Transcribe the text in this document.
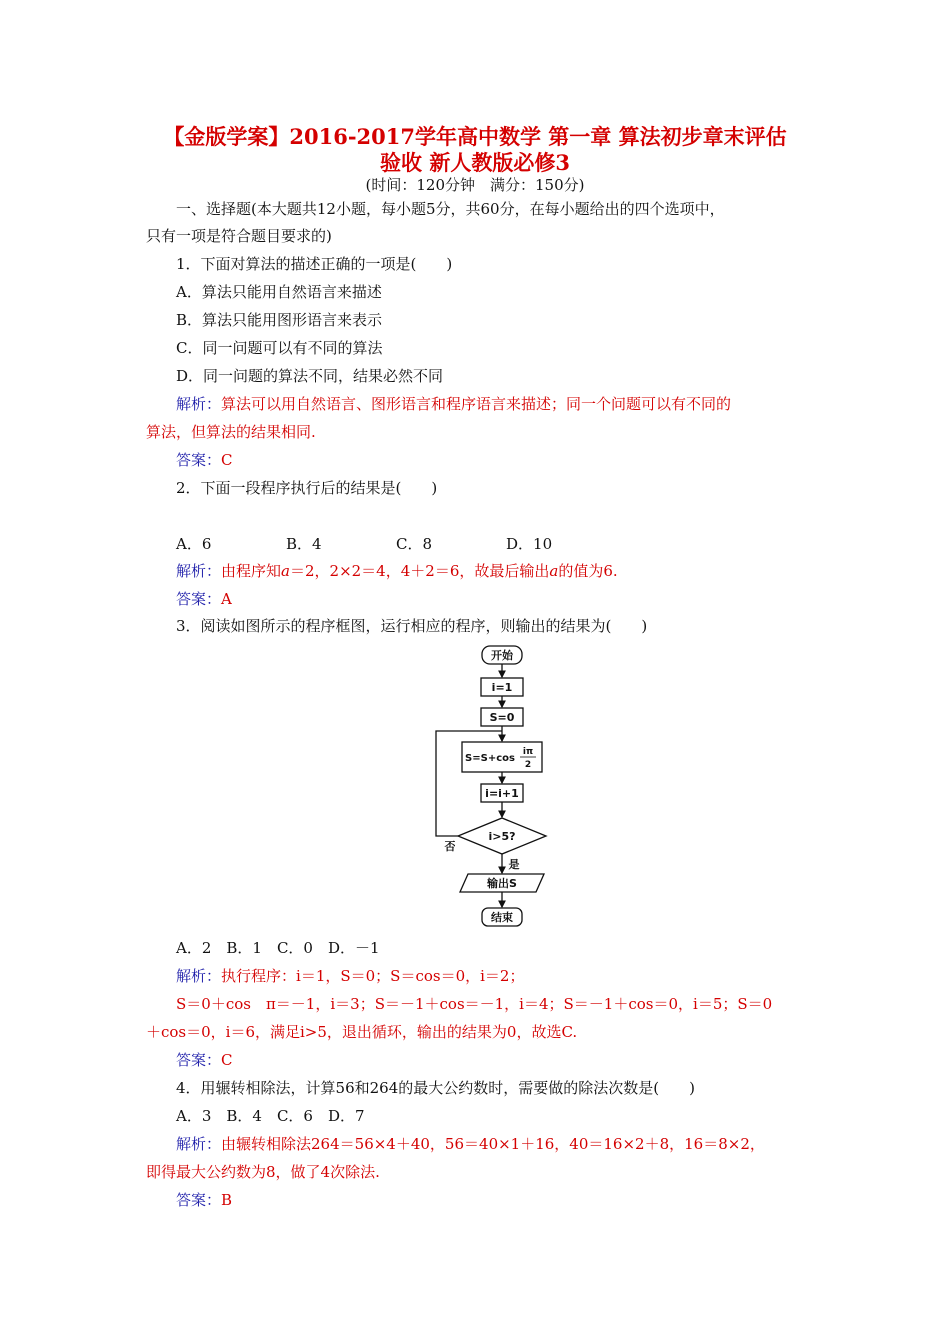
【金版学案】2016-2017学年高中数学 第一章 算法初步章末评估
验收 新人教版必修3
(时间：120分钟　满分：150分)
一、选择题(本大题共12小题，每小题5分，共60分，在每小题给出的四个选项中，
只有一项是符合题目要求的)
1．下面对算法的描述正确的一项是(　　)
A．算法只能用自然语言来描述
B．算法只能用图形语言来表示
C．同一问题可以有不同的算法
D．同一问题的算法不同，结果必然不同
解析：算法可以用自然语言、图形语言和程序语言来描述；同一个问题可以有不同的
算法，但算法的结果相同.
答案：C
2．下面一段程序执行后的结果是(　　)
A．6	B．4	C．8	D．10
解析：由程序知a＝2，2×2＝4，4＋2＝6，故最后输出a的值为6.
答案：A
3．阅读如图所示的程序框图，运行相应的程序，则输出的结果为(　　)
开始
i=1
S=0
S=S+cos
iπ
2
i=i+1
i>5?
否
是
输出S
结束
A．2　B．1　C．0　D．－1
解析：执行程序：i＝1，S＝0；S＝cos＝0，i＝2；
S＝0＋cos　π＝－1，i＝3；S＝－1＋cos＝－1，i＝4；S＝－1＋cos＝0，i＝5；S＝0
＋cos＝0，i＝6，满足i>5，退出循环，输出的结果为0，故选C.
答案：C
4．用辗转相除法，计算56和264的最大公约数时，需要做的除法次数是(　　)
A．3　B．4　C．6　D．7
解析：由辗转相除法264＝56×4＋40，56＝40×1＋16，40＝16×2＋8，16＝8×2，
即得最大公约数为8，做了4次除法.
答案：B
